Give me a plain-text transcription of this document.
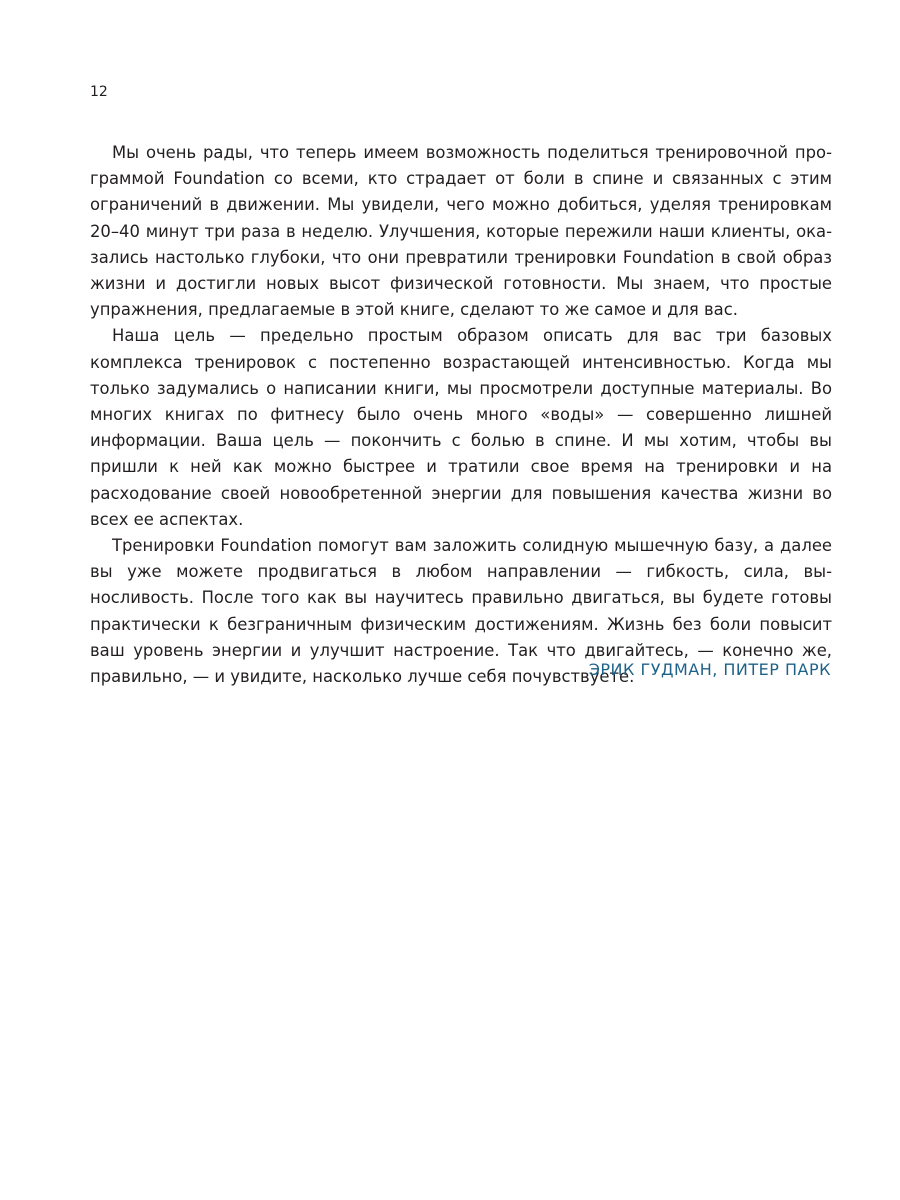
12

Мы очень рады, что теперь имеем возможность поделиться тренировочной программой Foundation со всеми, кто страдает от боли в спине и связанных с этим ограничений в движении. Мы увидели, чего можно добиться, уделяя тренировкам 20–40 минут три раза в неделю. Улучшения, которые пережили наши клиенты, оказались настолько глубоки, что они превратили тренировки Foundation в свой образ жизни и достигли новых высот физической готовности. Мы знаем, что простые упражнения, предлагаемые в этой книге, сделают то же самое и для вас.

Наша цель — предельно простым образом описать для вас три базовых комплекса тренировок с постепенно возрастающей интенсивностью. Когда мы только задумались о написании книги, мы просмотрели доступные материалы. Во многих книгах по фитнесу было очень много «воды» — совершенно лишней информации. Ваша цель — покончить с болью в спине. И мы хотим, чтобы вы пришли к ней как можно быстрее и тратили свое время на тренировки и на расходование своей новообретенной энергии для повышения качества жизни во всех ее аспектах.

Тренировки Foundation помогут вам заложить солидную мышечную базу, а далее вы уже можете продвигаться в любом направлении — гибкость, сила, выносливость. После того как вы научитесь правильно двигаться, вы будете готовы практически к безграничным физическим достижениям. Жизнь без боли повысит ваш уровень энергии и улучшит настроение. Так что двигайтесь, — конечно же, правильно, — и увидите, насколько лучше себя почувствуете.

ЭРИК ГУДМАН, ПИТЕР ПАРК
